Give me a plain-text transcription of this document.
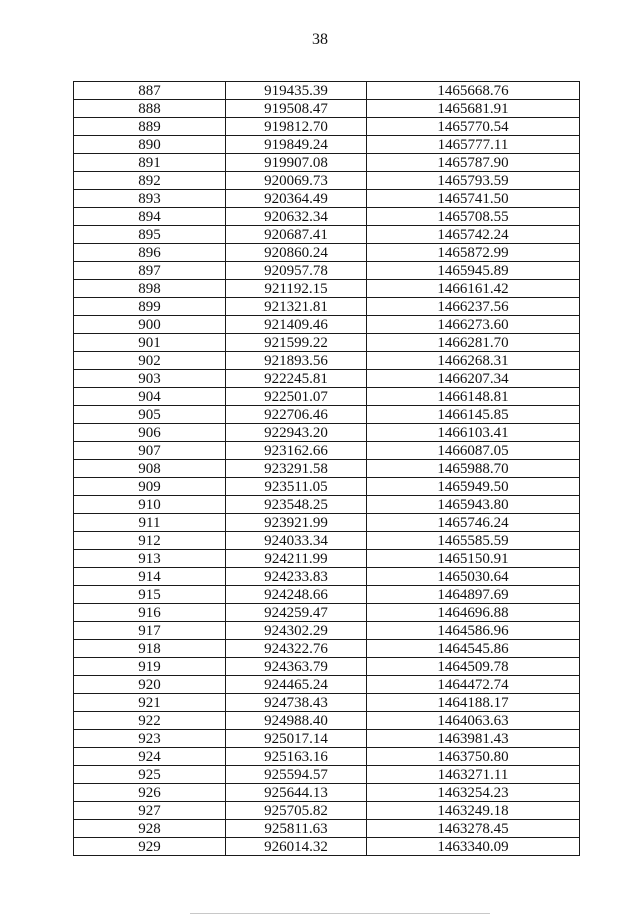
38
887	919435.39	1465668.76
888	919508.47	1465681.91
889	919812.70	1465770.54
890	919849.24	1465777.11
891	919907.08	1465787.90
892	920069.73	1465793.59
893	920364.49	1465741.50
894	920632.34	1465708.55
895	920687.41	1465742.24
896	920860.24	1465872.99
897	920957.78	1465945.89
898	921192.15	1466161.42
899	921321.81	1466237.56
900	921409.46	1466273.60
901	921599.22	1466281.70
902	921893.56	1466268.31
903	922245.81	1466207.34
904	922501.07	1466148.81
905	922706.46	1466145.85
906	922943.20	1466103.41
907	923162.66	1466087.05
908	923291.58	1465988.70
909	923511.05	1465949.50
910	923548.25	1465943.80
911	923921.99	1465746.24
912	924033.34	1465585.59
913	924211.99	1465150.91
914	924233.83	1465030.64
915	924248.66	1464897.69
916	924259.47	1464696.88
917	924302.29	1464586.96
918	924322.76	1464545.86
919	924363.79	1464509.78
920	924465.24	1464472.74
921	924738.43	1464188.17
922	924988.40	1464063.63
923	925017.14	1463981.43
924	925163.16	1463750.80
925	925594.57	1463271.11
926	925644.13	1463254.23
927	925705.82	1463249.18
928	925811.63	1463278.45
929	926014.32	1463340.09
